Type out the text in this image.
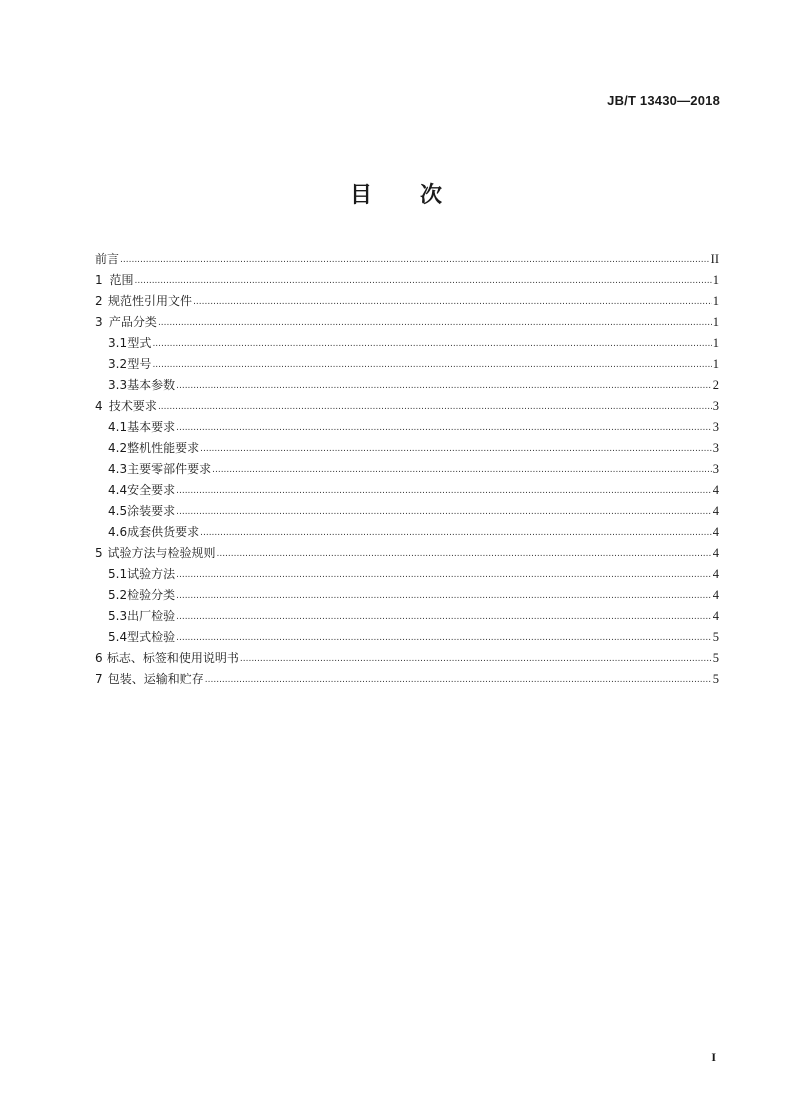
JB/T 13430—2018
目 次
前言 .....	II
1 范围 .....	1
2 规范性引用文件 .....	1
3 产品分类 .....	1
3.1 型式 .....	1
3.2 型号 .....	1
3.3 基本参数 .....	2
4 技术要求 .....	3
4.1 基本要求 .....	3
4.2 整机性能要求 .....	3
4.3 主要零部件要求 .....	3
4.4 安全要求 .....	4
4.5 涂装要求 .....	4
4.6 成套供货要求 .....	4
5 试验方法与检验规则 .....	4
5.1 试验方法 .....	4
5.2 检验分类 .....	4
5.3 出厂检验 .....	4
5.4 型式检验 .....	5
6 标志、标签和使用说明书 .....	5
7 包装、运输和贮存 .....	5
I
